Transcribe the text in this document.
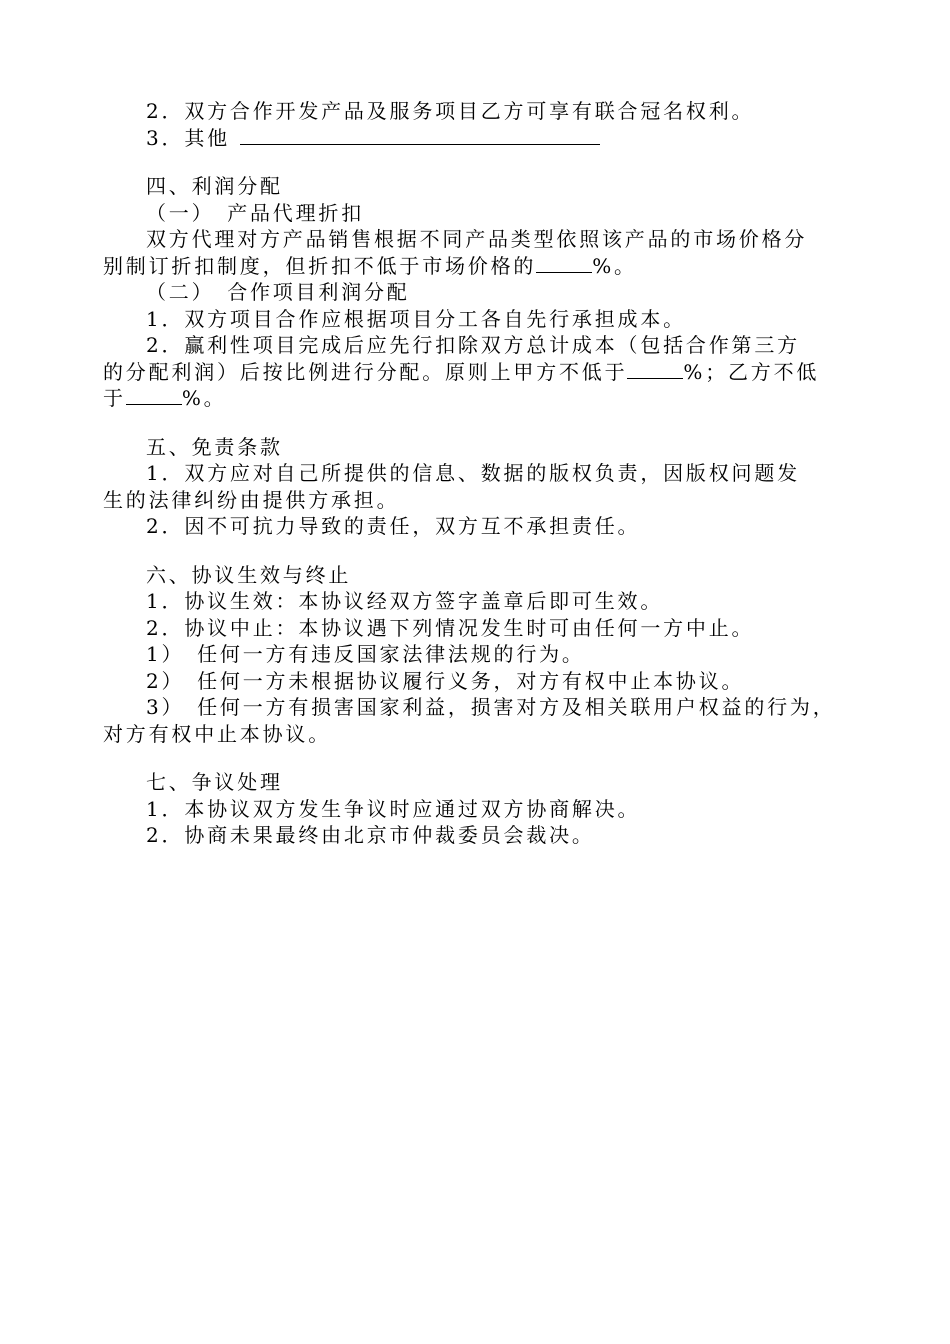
2．双方合作开发产品及服务项目乙方可享有联合冠名权利。
3．其他
四、利润分配
（一）　产品代理折扣
双方代理对方产品销售根据不同产品类型依照该产品的市场价格分
别制订折扣制度，但折扣不低于市场价格的	%。
（二）　合作项目利润分配
1．双方项目合作应根据项目分工各自先行承担成本。
2．赢利性项目完成后应先行扣除双方总计成本（包括合作第三方
的分配利润）后按比例进行分配。原则上甲方不低于	%；乙方不低
于	%。
五、免责条款
1．双方应对自己所提供的信息、数据的版权负责，因版权问题发
生的法律纠纷由提供方承担。
2．因不可抗力导致的责任，双方互不承担责任。
六、协议生效与终止
1．协议生效：本协议经双方签字盖章后即可生效。
2．协议中止：本协议遇下列情况发生时可由任何一方中止。
1）　任何一方有违反国家法律法规的行为。
2）　任何一方未根据协议履行义务，对方有权中止本协议。
3）　任何一方有损害国家利益，损害对方及相关联用户权益的行为，
对方有权中止本协议。
七、争议处理
1．本协议双方发生争议时应通过双方协商解决。
2．协商未果最终由北京市仲裁委员会裁决。
